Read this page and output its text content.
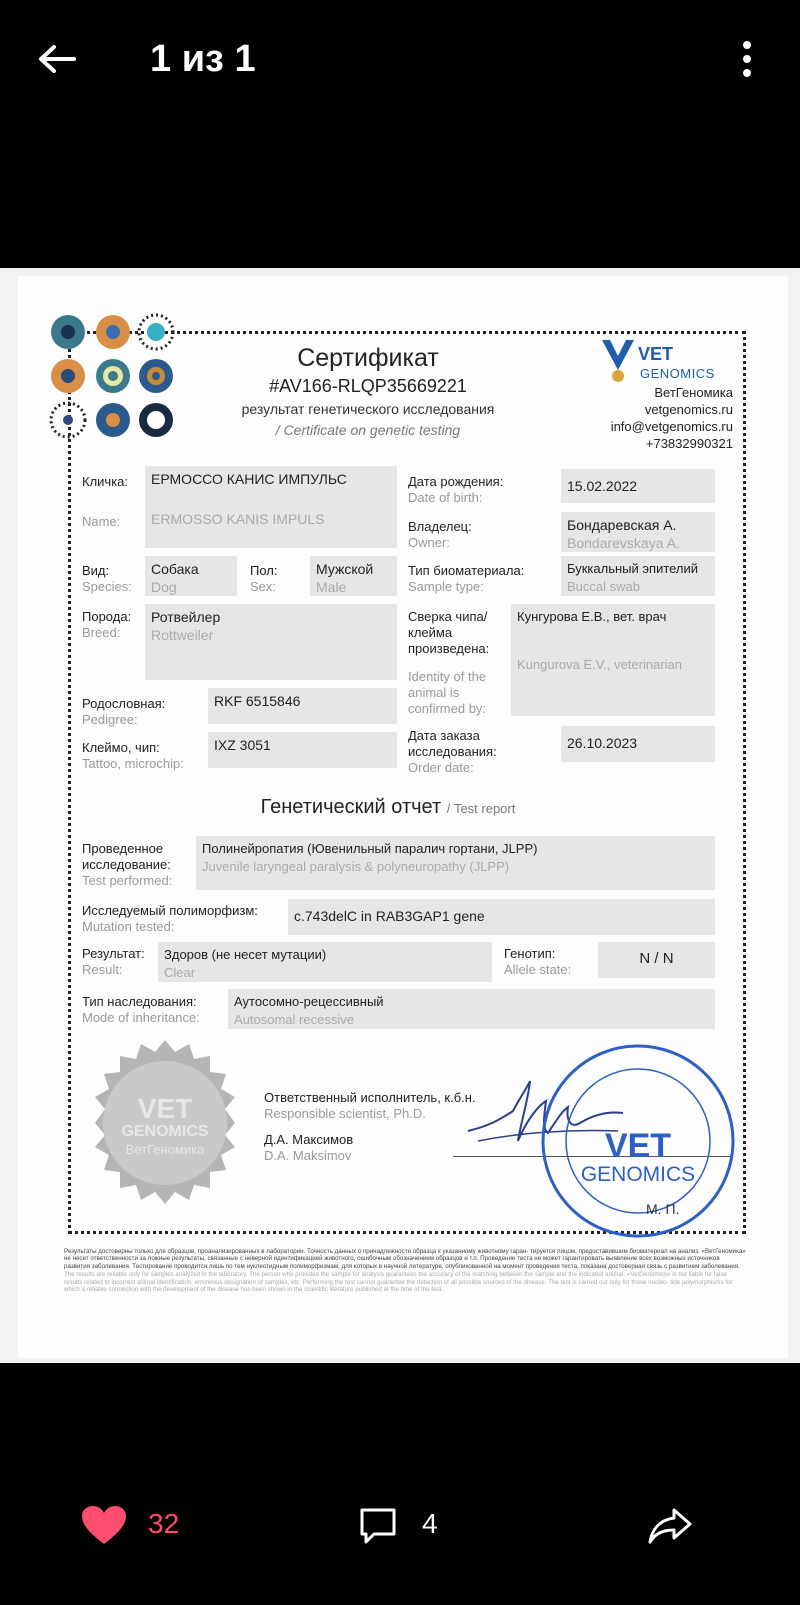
1 из 1
Сертификат
#AV166-RLQP35669221
результат генетического исследования
/ Certificate on genetic testing
VET
GENOMICS
ВетГеномика
vetgenomics.ru
info@vetgenomics.ru
+73832990321
Кличка:
Name:
ЕРМОССО КАНИС ИМПУЛЬС
ERMOSSO KANIS IMPULS
Дата рождения:
Date of birth:
15.02.2022
Владелец:
Owner:
Бондаревская А.
Bondarevskaya A.
Вид:
Species:
Собака
Dog
Пол:
Sex:
Мужской
Male
Тип биоматериала:
Sample type:
Буккальный эпителий
Buccal swab
Порода:
Breed:
Ротвейлер
Rottweiler
Сверка чипа/клейма произведена:
Identity of the animal is confirmed by:
Кунгурова Е.В., вет. врач
Kungurova E.V., veterinarian
Родословная:
Pedigree:
RKF 6515846
Клеймо, чип:
Tattoo, microchip:
IXZ 3051
Дата заказа исследования:
Order date:
26.10.2023
Генетический отчет / Test report
Проведенное исследование:
Test performed:
Полинейропатия (Ювенильный паралич гортани, JLPP)
Juvenile laryngeal paralysis & polyneuropathy (JLPP)
Исследуемый полиморфизм:
Mutation tested:
c.743delC in RAB3GAP1 gene
Результат:
Result:
Здоров (не несет мутации)
Clear
Генотип:
Allele state:
N / N
Тип наследования:
Mode of inheritance:
Аутосомно-рецессивный
Autosomal recessive
VET
GENOMICS
ВетГеномика
Ответственный исполнитель, к.б.н.
Responsible scientist, Ph.D.
Д.А. Максимов
D.A. Maksimov	VET
GENOMICS
М. П.
Результаты достоверны только для образцов, проанализированных в лаборатории. Точность данных о принадлежности образца к указанному животному гаран- тируется лицом, предоставившим биоматериал на анализ. «ВетГеномика» не несет ответственности за ложные результаты, связанные с неверной идентификацией животного, ошибочным обозначением образцов и т.п. Проведение теста не может гарантировать выявление всех возможных источников развития заболевания. Тестирование проводится лишь по тем нуклеотидным полиморфизмам, для которых в научной литературе, опубликованной на момент проведения теста, показана достоверная связь с развитием заболевания.
The results are reliable only for samples analyzed in the laboratory. The person who provided the sample for analysis guarantees the accuracy of the matching between the sample and the indicated animal. «VetGenomics» is not liable for false results related to incorrect animal identification, erroneous designation of samples, etc. Performing the test cannot guarantee the detection of all possible sources of the disease. The test is carried out only for those nucleo- tide polymorphisms for which a reliable connection with the development of the disease has been shown in the scientific literature published at the time of the test.
32	4
